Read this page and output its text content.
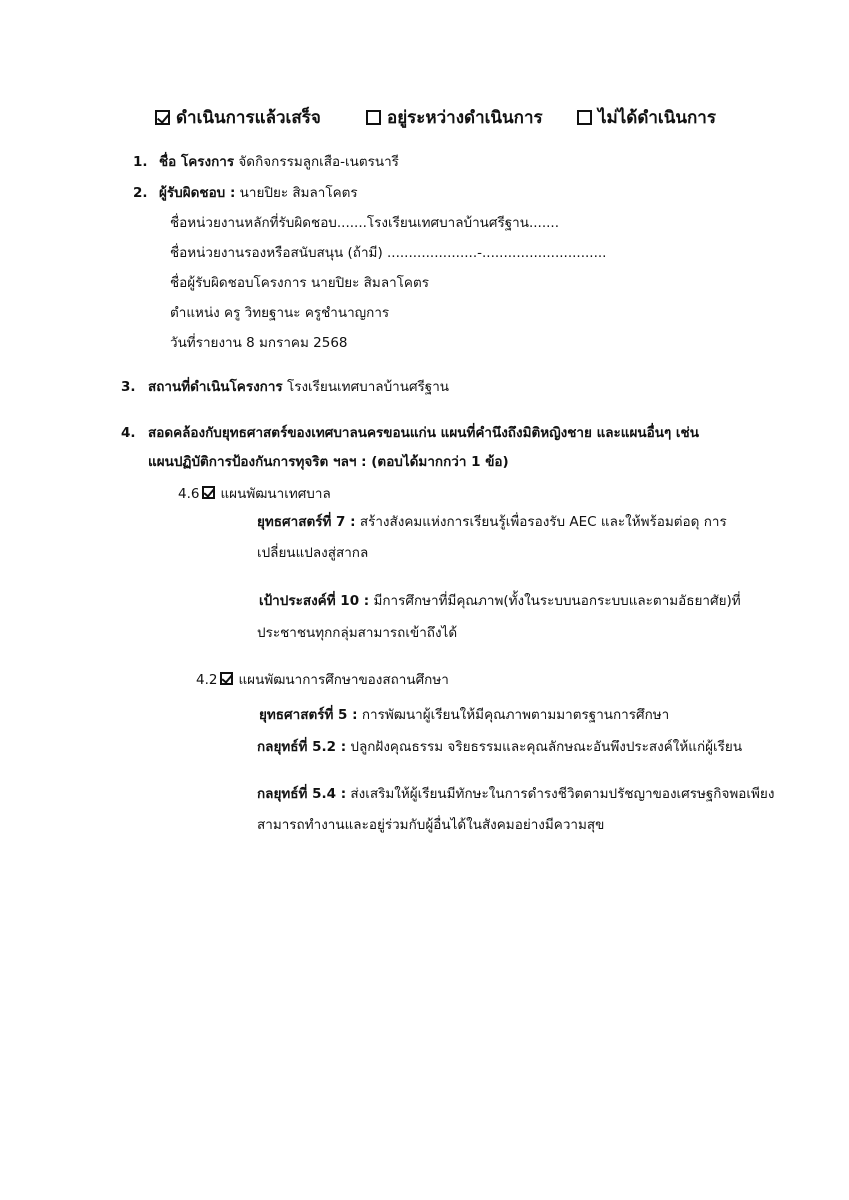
ดำเนินการแล้วเสร็จ	อยู่ระหว่างดำเนินการ	ไม่ได้ดำเนินการ
1. ชื่อ โครงการ จัดกิจกรรมลูกเสือ-เนตรนารี
2. ผู้รับผิดชอบ : นายปิยะ สิมลาโคตร
ชื่อหน่วยงานหลักที่รับผิดชอบ.......โรงเรียนเทศบาลบ้านศรีฐาน.......
ชื่อหน่วยงานรองหรือสนับสนุน (ถ้ามี) .....................-.............................
ชื่อผู้รับผิดชอบโครงการ นายปิยะ สิมลาโคตร
ตำแหน่ง ครู วิทยฐานะ ครูชำนาญการ
วันที่รายงาน 8 มกราคม 2568
3. สถานที่ดำเนินโครงการ โรงเรียนเทศบาลบ้านศรีฐาน
4. สอดคล้องกับยุทธศาสตร์ของเทศบาลนครขอนแก่น แผนที่คำนึงถึงมิติหญิงชาย และแผนอื่นๆ เช่น
แผนปฏิบัติการป้องกันการทุจริต ฯลฯ : (ตอบได้มากกว่า 1 ข้อ)
4.6 แผนพัฒนาเทศบาล
ยุทธศาสตร์ที่ 7 : สร้างสังคมแห่งการเรียนรู้เพื่อรองรับ AEC และให้พร้อมต่อดุ การ
เปลี่ยนแปลงสู่สากล
เป้าประสงค์ที่ 10 : มีการศึกษาที่มีคุณภาพ(ทั้งในระบบนอกระบบและตามอัธยาศัย)ที่
ประชาชนทุกกลุ่มสามารถเข้าถึงได้
4.2 แผนพัฒนาการศึกษาของสถานศึกษา
ยุทธศาสตร์ที่ 5 : การพัฒนาผู้เรียนให้มีคุณภาพตามมาตรฐานการศึกษา
กลยุทธ์ที่ 5.2 : ปลูกฝังคุณธรรม จริยธรรมและคุณลักษณะอันพึงประสงค์ให้แก่ผู้เรียน
กลยุทธ์ที่ 5.4 : ส่งเสริมให้ผู้เรียนมีทักษะในการดำรงชีวิตตามปรัชญาของเศรษฐกิจพอเพียง
สามารถทำงานและอยู่ร่วมกับผู้อื่นได้ในสังคมอย่างมีความสุข
